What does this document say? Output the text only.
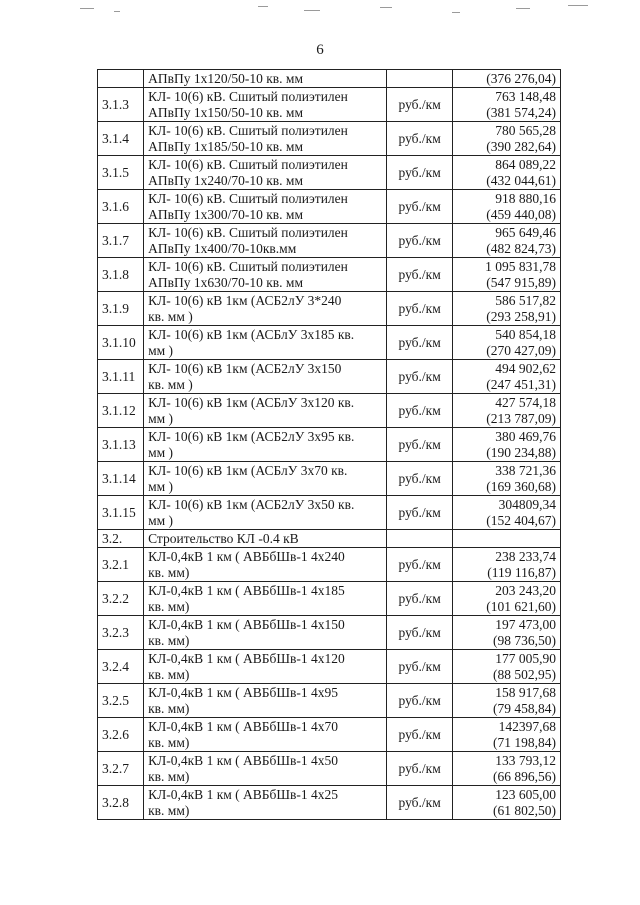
6

	АПвПу 1х120/50-10 кв. мм		(376 276,04)

3.1.3	КЛ- 10(6) кВ. Сшитый полиэтилен
АПвПу 1х150/50-10 кв. мм	руб./км	763 148,48
(381 574,24)

3.1.4	КЛ- 10(6) кВ. Сшитый полиэтилен
АПвПу 1х185/50-10 кв. мм	руб./км	780 565,28
(390 282,64)

3.1.5	КЛ- 10(6) кВ. Сшитый полиэтилен
АПвПу 1х240/70-10 кв. мм	руб./км	864 089,22
(432 044,61)

3.1.6	КЛ- 10(6) кВ. Сшитый полиэтилен
АПвПу 1х300/70-10 кв. мм	руб./км	918 880,16
(459 440,08)

3.1.7	КЛ- 10(6) кВ. Сшитый полиэтилен
АПвПу 1х400/70-10кв.мм	руб./км	965 649,46
(482 824,73)

3.1.8	КЛ- 10(6) кВ. Сшитый полиэтилен
АПвПу 1х630/70-10 кв. мм	руб./км	1 095 831,78
(547 915,89)

3.1.9	КЛ- 10(6) кВ 1км (АСБ2лУ 3*240
кв. мм )	руб./км	586 517,82
(293 258,91)

3.1.10	КЛ- 10(6) кВ 1км (АСБлУ 3х185 кв.
мм )	руб./км	540 854,18
(270 427,09)

3.1.11	КЛ- 10(6) кВ 1км (АСБ2лУ 3х150
кв. мм )	руб./км	494 902,62
(247 451,31)

3.1.12	КЛ- 10(6) кВ 1км (АСБлУ 3х120 кв.
мм )	руб./км	427 574,18
(213 787,09)

3.1.13	КЛ- 10(6) кВ 1км (АСБ2лУ 3х95 кв.
мм )	руб./км	380 469,76
(190 234,88)

3.1.14	КЛ- 10(6) кВ 1км (АСБлУ 3х70 кв.
мм )	руб./км	338 721,36
(169 360,68)

3.1.15	КЛ- 10(6) кВ 1км (АСБ2лУ 3х50 кв.
мм )	руб./км	304809,34
(152 404,67)

3.2.	Строительство КЛ -0.4 кВ		

3.2.1	КЛ-0,4кВ 1 км ( АВБбШв-1 4х240
кв. мм)	руб./км	238 233,74
(119 116,87)

3.2.2	КЛ-0,4кВ 1 км ( АВБбШв-1 4х185
кв. мм)	руб./км	203 243,20
(101 621,60)

3.2.3	КЛ-0,4кВ 1 км ( АВБбШв-1 4х150
кв. мм)	руб./км	197 473,00
(98 736,50)

3.2.4	КЛ-0,4кВ 1 км ( АВБбШв-1 4х120
кв. мм)	руб./км	177 005,90
(88 502,95)

3.2.5	КЛ-0,4кВ 1 км ( АВБбШв-1 4х95
кв. мм)	руб./км	158 917,68
(79 458,84)

3.2.6	КЛ-0,4кВ 1 км ( АВБбШв-1 4х70
кв. мм)	руб./км	142397,68
(71 198,84)

3.2.7	КЛ-0,4кВ 1 км ( АВБбШв-1 4х50
кв. мм)	руб./км	133 793,12
(66 896,56)

3.2.8	КЛ-0,4кВ 1 км ( АВБбШв-1 4х25
кв. мм)	руб./км	123 605,00
(61 802,50)
